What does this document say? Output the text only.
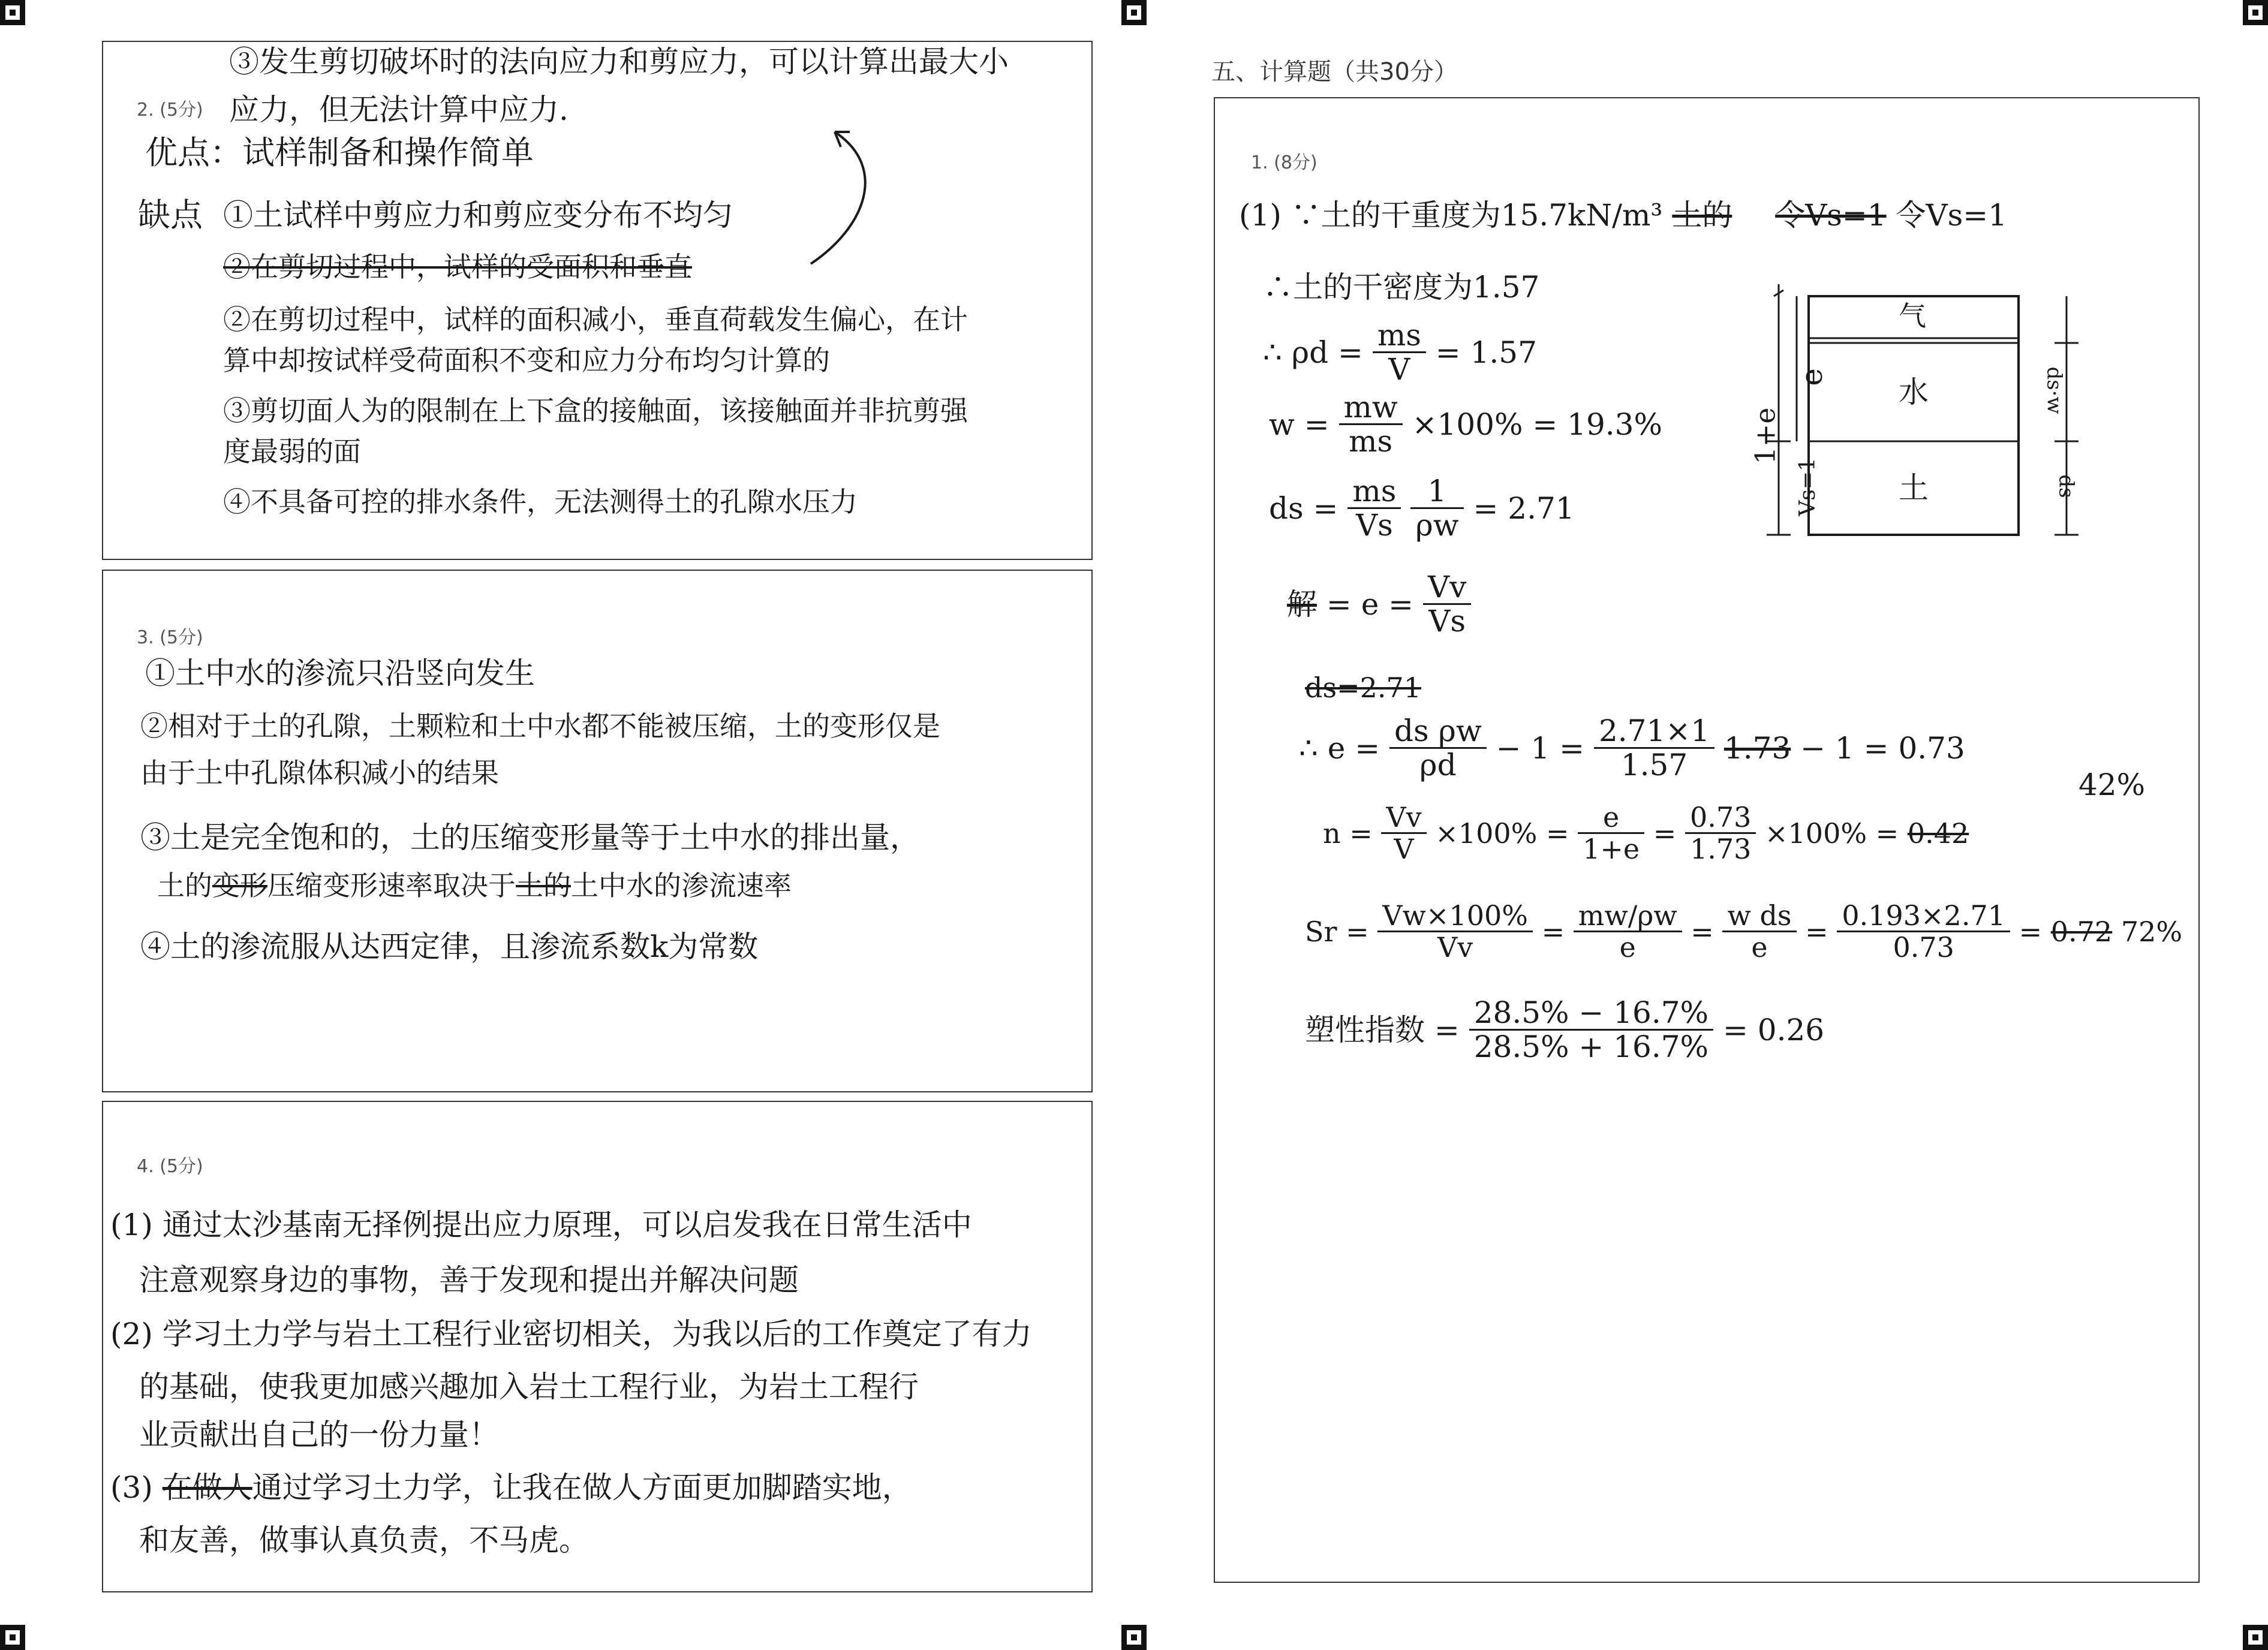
2. (5分)
③发生剪切破坏时的法向应力和剪应力，可以计算出最大小
应力，但无法计算中应力.
优点：试样制备和操作简单
缺点 ①土试样中剪应力和剪应变分布不均匀
②在剪切过程中，试样的受面积和垂直
②在剪切过程中，试样的面积减小，垂直荷载发生偏心，在计
算中却按试样受荷面积不变和应力分布均匀计算的
③剪切面人为的限制在上下盒的接触面，该接触面并非抗剪强
度最弱的面
④不具备可控的排水条件，无法测得土的孔隙水压力
3. (5分)
①土中水的渗流只沿竖向发生
②相对于土的孔隙，土颗粒和土中水都不能被压缩，土的变形仅是
由于土中孔隙体积减小的结果
③土是完全饱和的，土的压缩变形量等于土中水的排出量，
土的变形压缩变形速率取决于土的土中水的渗流速率
④土的渗流服从达西定律，且渗流系数k为常数
4. (5分)
(1) 通过太沙基南无择例提出应力原理，可以启发我在日常生活中
注意观察身边的事物，善于发现和提出并解决问题
(2) 学习土力学与岩土工程行业密切相关，为我以后的工作奠定了有力
的基础，使我更加感兴趣加入岩土工程行业，为岩土工程行
业贡献出自己的一份力量！
(3) 在做人通过学习土力学，让我在做人方面更加脚踏实地，
和友善，做事认真负责，不马虎。
五、计算题（共30分）
1. (8分)
(1) ∵土的干重度为15.7kN/m³ 土的 令Vs=1 令Vs=1
∴土的干密度为1.57
∴ $\rho d = \frac{ms}{V} = 1.57$
$w = \frac{mw}{ms} \times 100\% = 19.3\%$
ds = $\frac{ms}{Vs}$
$\frac{1}{\rho w} = 2.71$
解 = $e = \frac{Vv}{Vs}$
ds=2.71
∴ $e = \frac{\text{ds ρw}}{\rho d} - 1 = \frac{2.71\times 1}{1.57} 1.73 - 1 = 0.73$
42%
$n = \frac{Vv}{V} \times 100\% = \frac{e}{1+e} = \frac{0.73}{1.73} \times 100\% = 0.42$
$Sr = \frac{Vw\times 100\%}{Vv} = \frac{mw/\rho w}{e} = \frac{\text{w ds}}{e} = \frac{0.193\times 2.71}{0.73} = 0.72$ 72%
塑性指数 = $\frac{28.5\% - 16.7\%}{28.5\% + 16.7\%} = 0.26$
气
水
土
e
1+e
Vs=1
ds·w
ds
